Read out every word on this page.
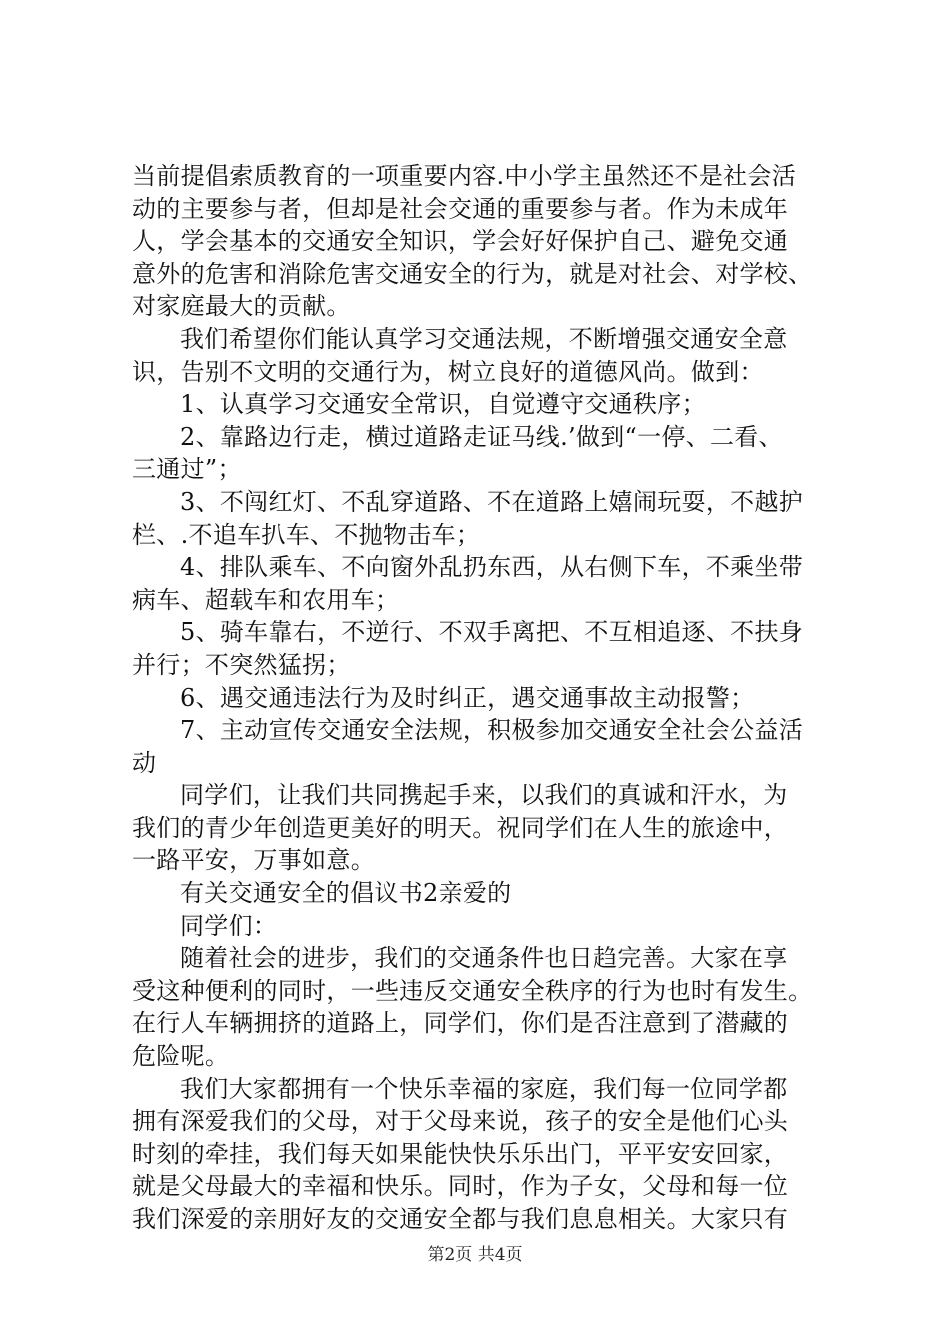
当前提倡索质教育的一项重要内容.中小学主虽然还不是社会活
动的主要参与者，但却是社会交通的重要参与者。作为未成年
人，学会基本的交通安全知识，学会好好保护自己、避免交通
意外的危害和消除危害交通安全的行为，就是对社会、对学校、
对家庭最大的贡献。
我们希望你们能认真学习交通法规，不断增强交通安全意
识，告别不文明的交通行为，树立良好的道德风尚。做到：
1、认真学习交通安全常识，自觉遵守交通秩序；
2、靠路边行走，横过道路走证马线.’做到“一停、二看、
三通过”；
3、不闯红灯、不乱穿道路、不在道路上嬉闹玩耍，不越护
栏、.不追车扒车、不抛物击车；
4、排队乘车、不向窗外乱扔东西，从右侧下车，不乘坐带
病车、超载车和农用车；
5、骑车靠右，不逆行、不双手离把、不互相追逐、不扶身
并行；不突然猛拐；
6、遇交通违法行为及时纠正，遇交通事故主动报警；
7、主动宣传交通安全法规，积极参加交通安全社会公益活
动
同学们，让我们共同携起手来，以我们的真诚和汗水，为
我们的青少年创造更美好的明天。祝同学们在人生的旅途中，
一路平安，万事如意。
有关交通安全的倡议书2亲爱的
同学们：
随着社会的进步，我们的交通条件也日趋完善。大家在享
受这种便利的同时，一些违反交通安全秩序的行为也时有发生。
在行人车辆拥挤的道路上，同学们，你们是否注意到了潜藏的
危险呢。
我们大家都拥有一个快乐幸福的家庭，我们每一位同学都
拥有深爱我们的父母，对于父母来说，孩子的安全是他们心头
时刻的牵挂，我们每天如果能快快乐乐出门，平平安安回家，
就是父母最大的幸福和快乐。同时，作为子女，父母和每一位
我们深爱的亲朋好友的交通安全都与我们息息相关。大家只有
第2页 共4页
